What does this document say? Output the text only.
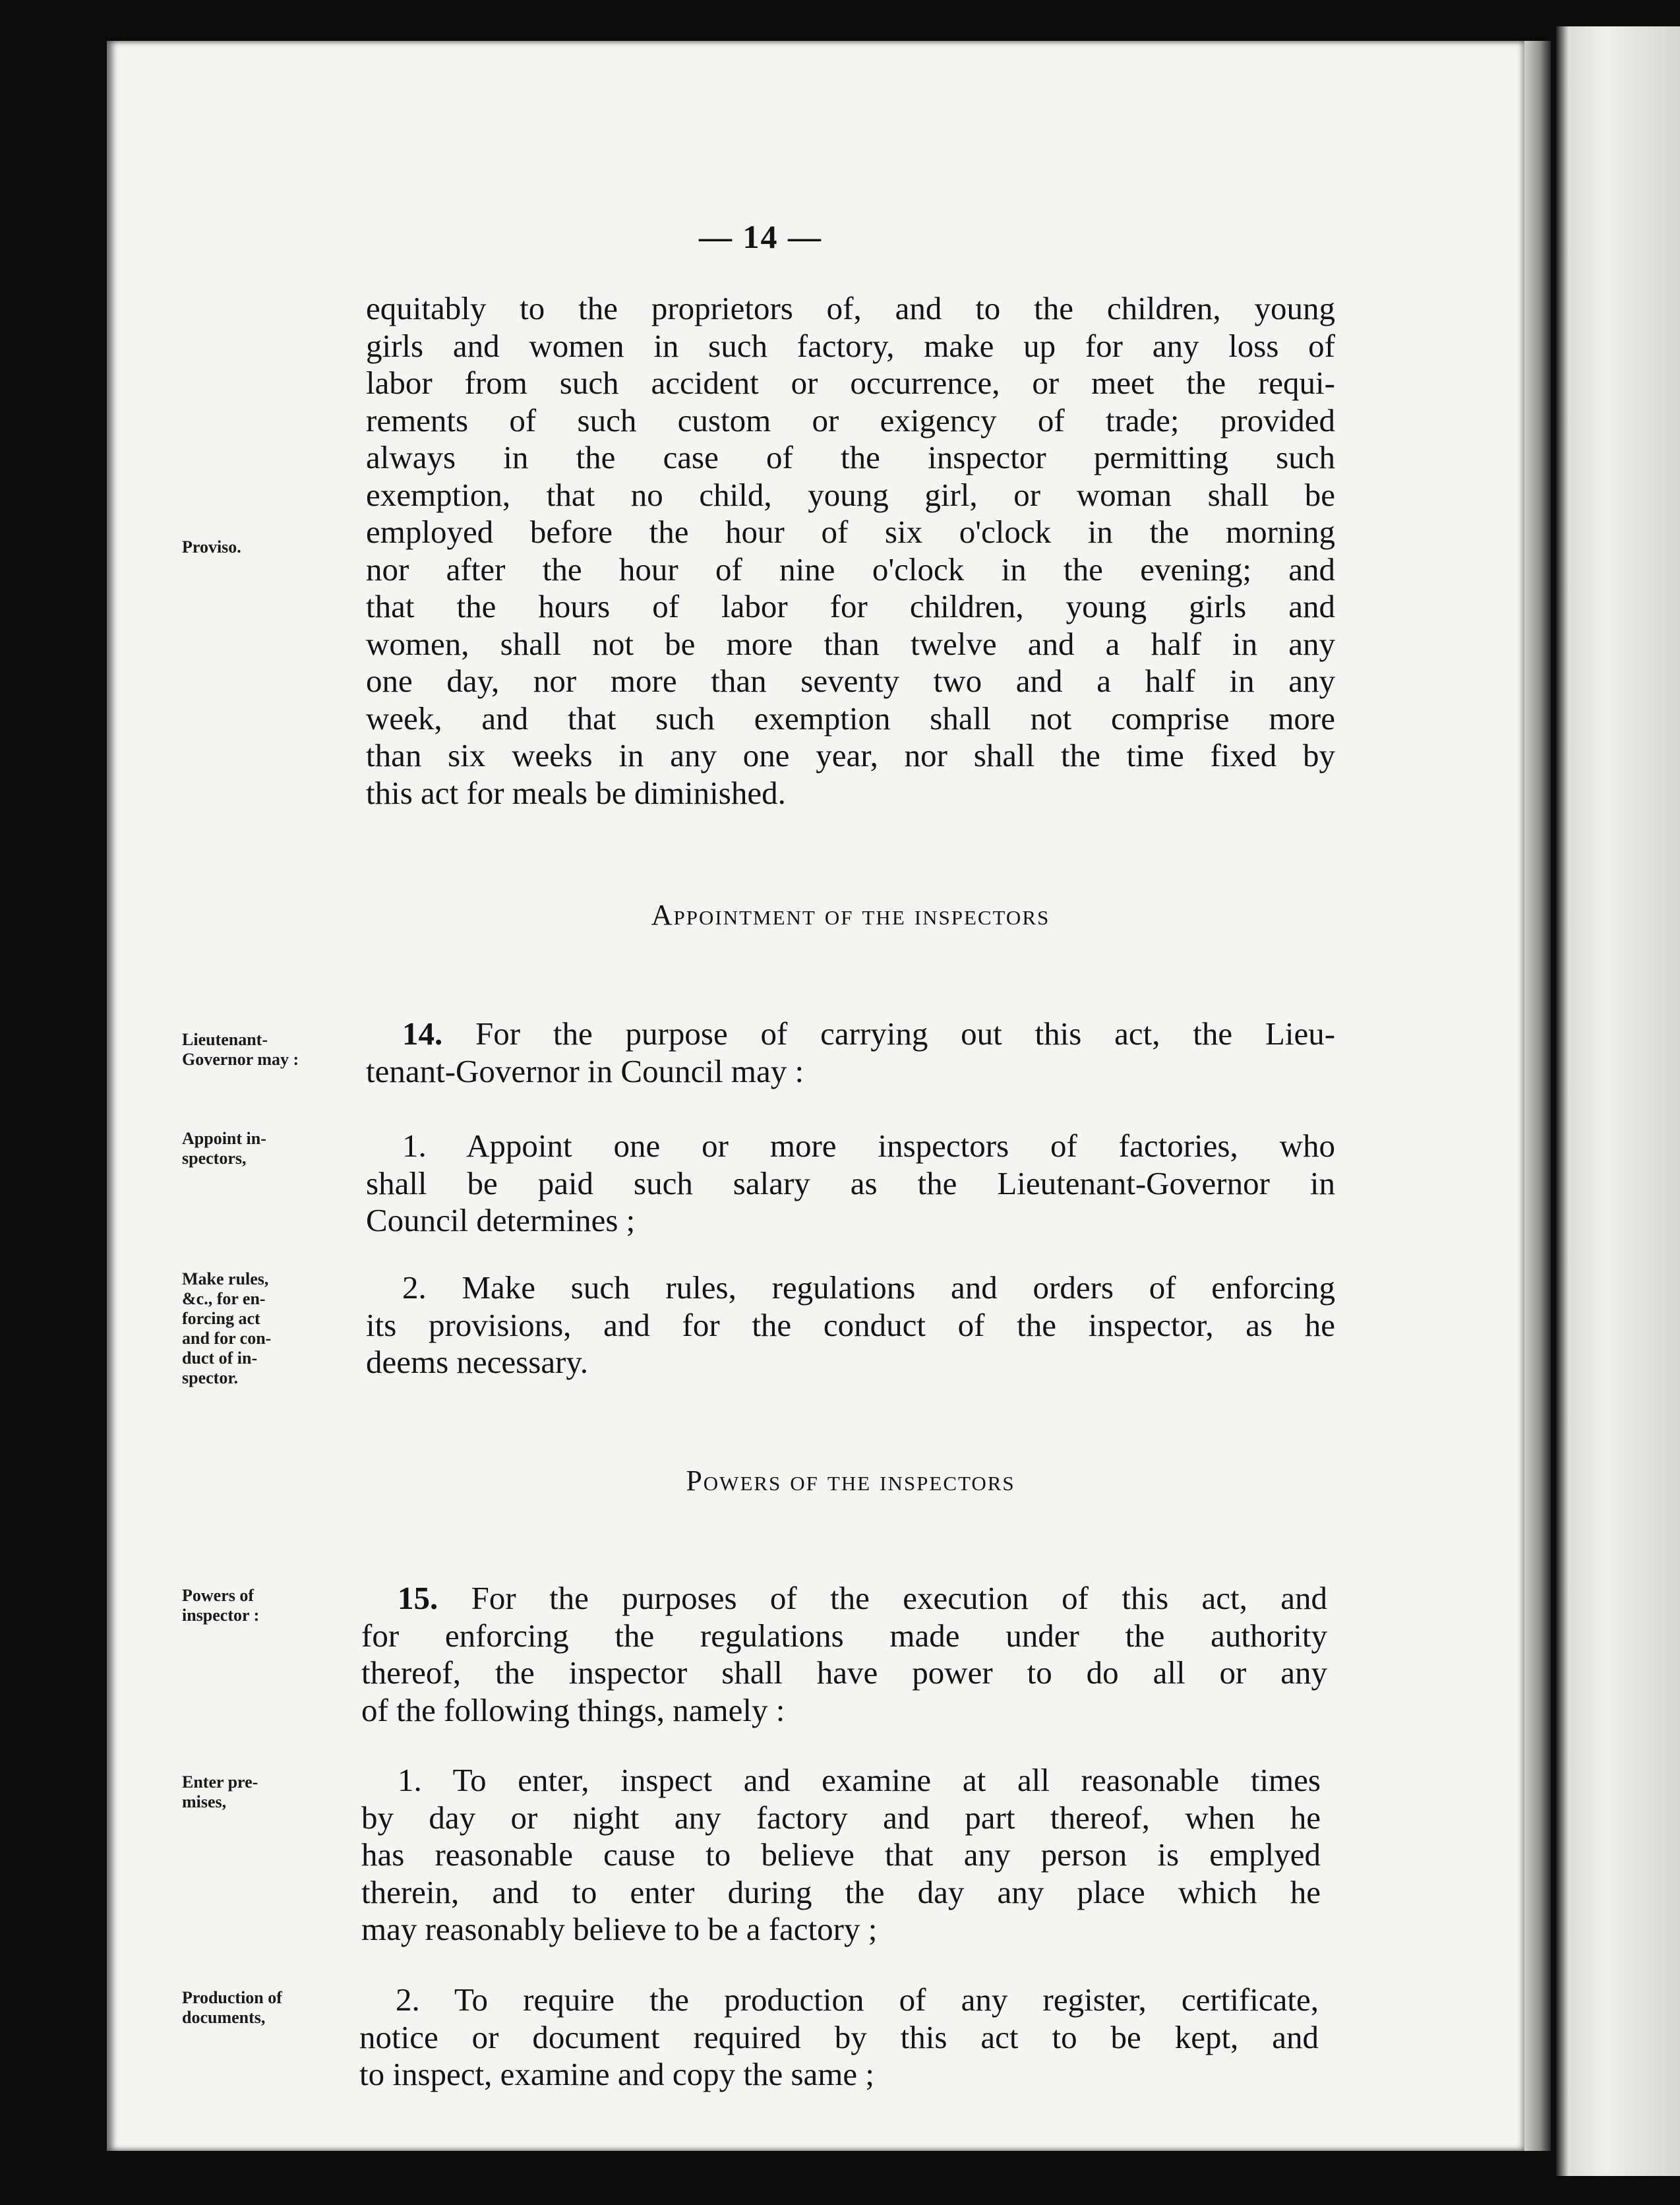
— 14 —
equitably to the proprietors of, and to the children, young
girls and women in such factory, make up for any loss of
labor from such accident or occurrence, or meet the requi-
rements of such custom or exigency of trade; provided
always in the case of the inspector permitting such
exemption, that no child, young girl, or woman shall be
employed before the hour of six o'clock in the morning
nor after the hour of nine o'clock in the evening; and
that the hours of labor for children, young girls and
women, shall not be more than twelve and a half in any
one day, nor more than seventy two and a half in any
week, and that such exemption shall not comprise more
than six weeks in any one year, nor shall the time fixed by
this act for meals be diminished.
Proviso.
Appointment of the inspectors
Lieutenant-
Governor may :
14. For the purpose of carrying out this act, the Lieu-
tenant-Governor in Council may :
Appoint in-
spectors,	1. Appoint one or more inspectors of factories, who
shall be paid such salary as the Lieutenant-Governor in
Council determines ;
Make rules,
&c., for en-
forcing act
and for con-
duct of in-
spector.
2. Make such rules, regulations and orders of enforcing
its provisions, and for the conduct of the inspector, as he
deems necessary.
Powers of the inspectors
Powers of
inspector :	15. For the purposes of the execution of this act, and
for enforcing the regulations made under the authority
thereof, the inspector shall have power to do all or any
of the following things, namely :
Enter pre-
mises,
1. To enter, inspect and examine at all reasonable times
by day or night any factory and part thereof, when he
has reasonable cause to believe that any person is emplyed
therein, and to enter during the day any place which he
may reasonably believe to be a factory ;
Production of
documents,	2. To require the production of any register, certificate,
notice or document required by this act to be kept, and
to inspect, examine and copy the same ;
